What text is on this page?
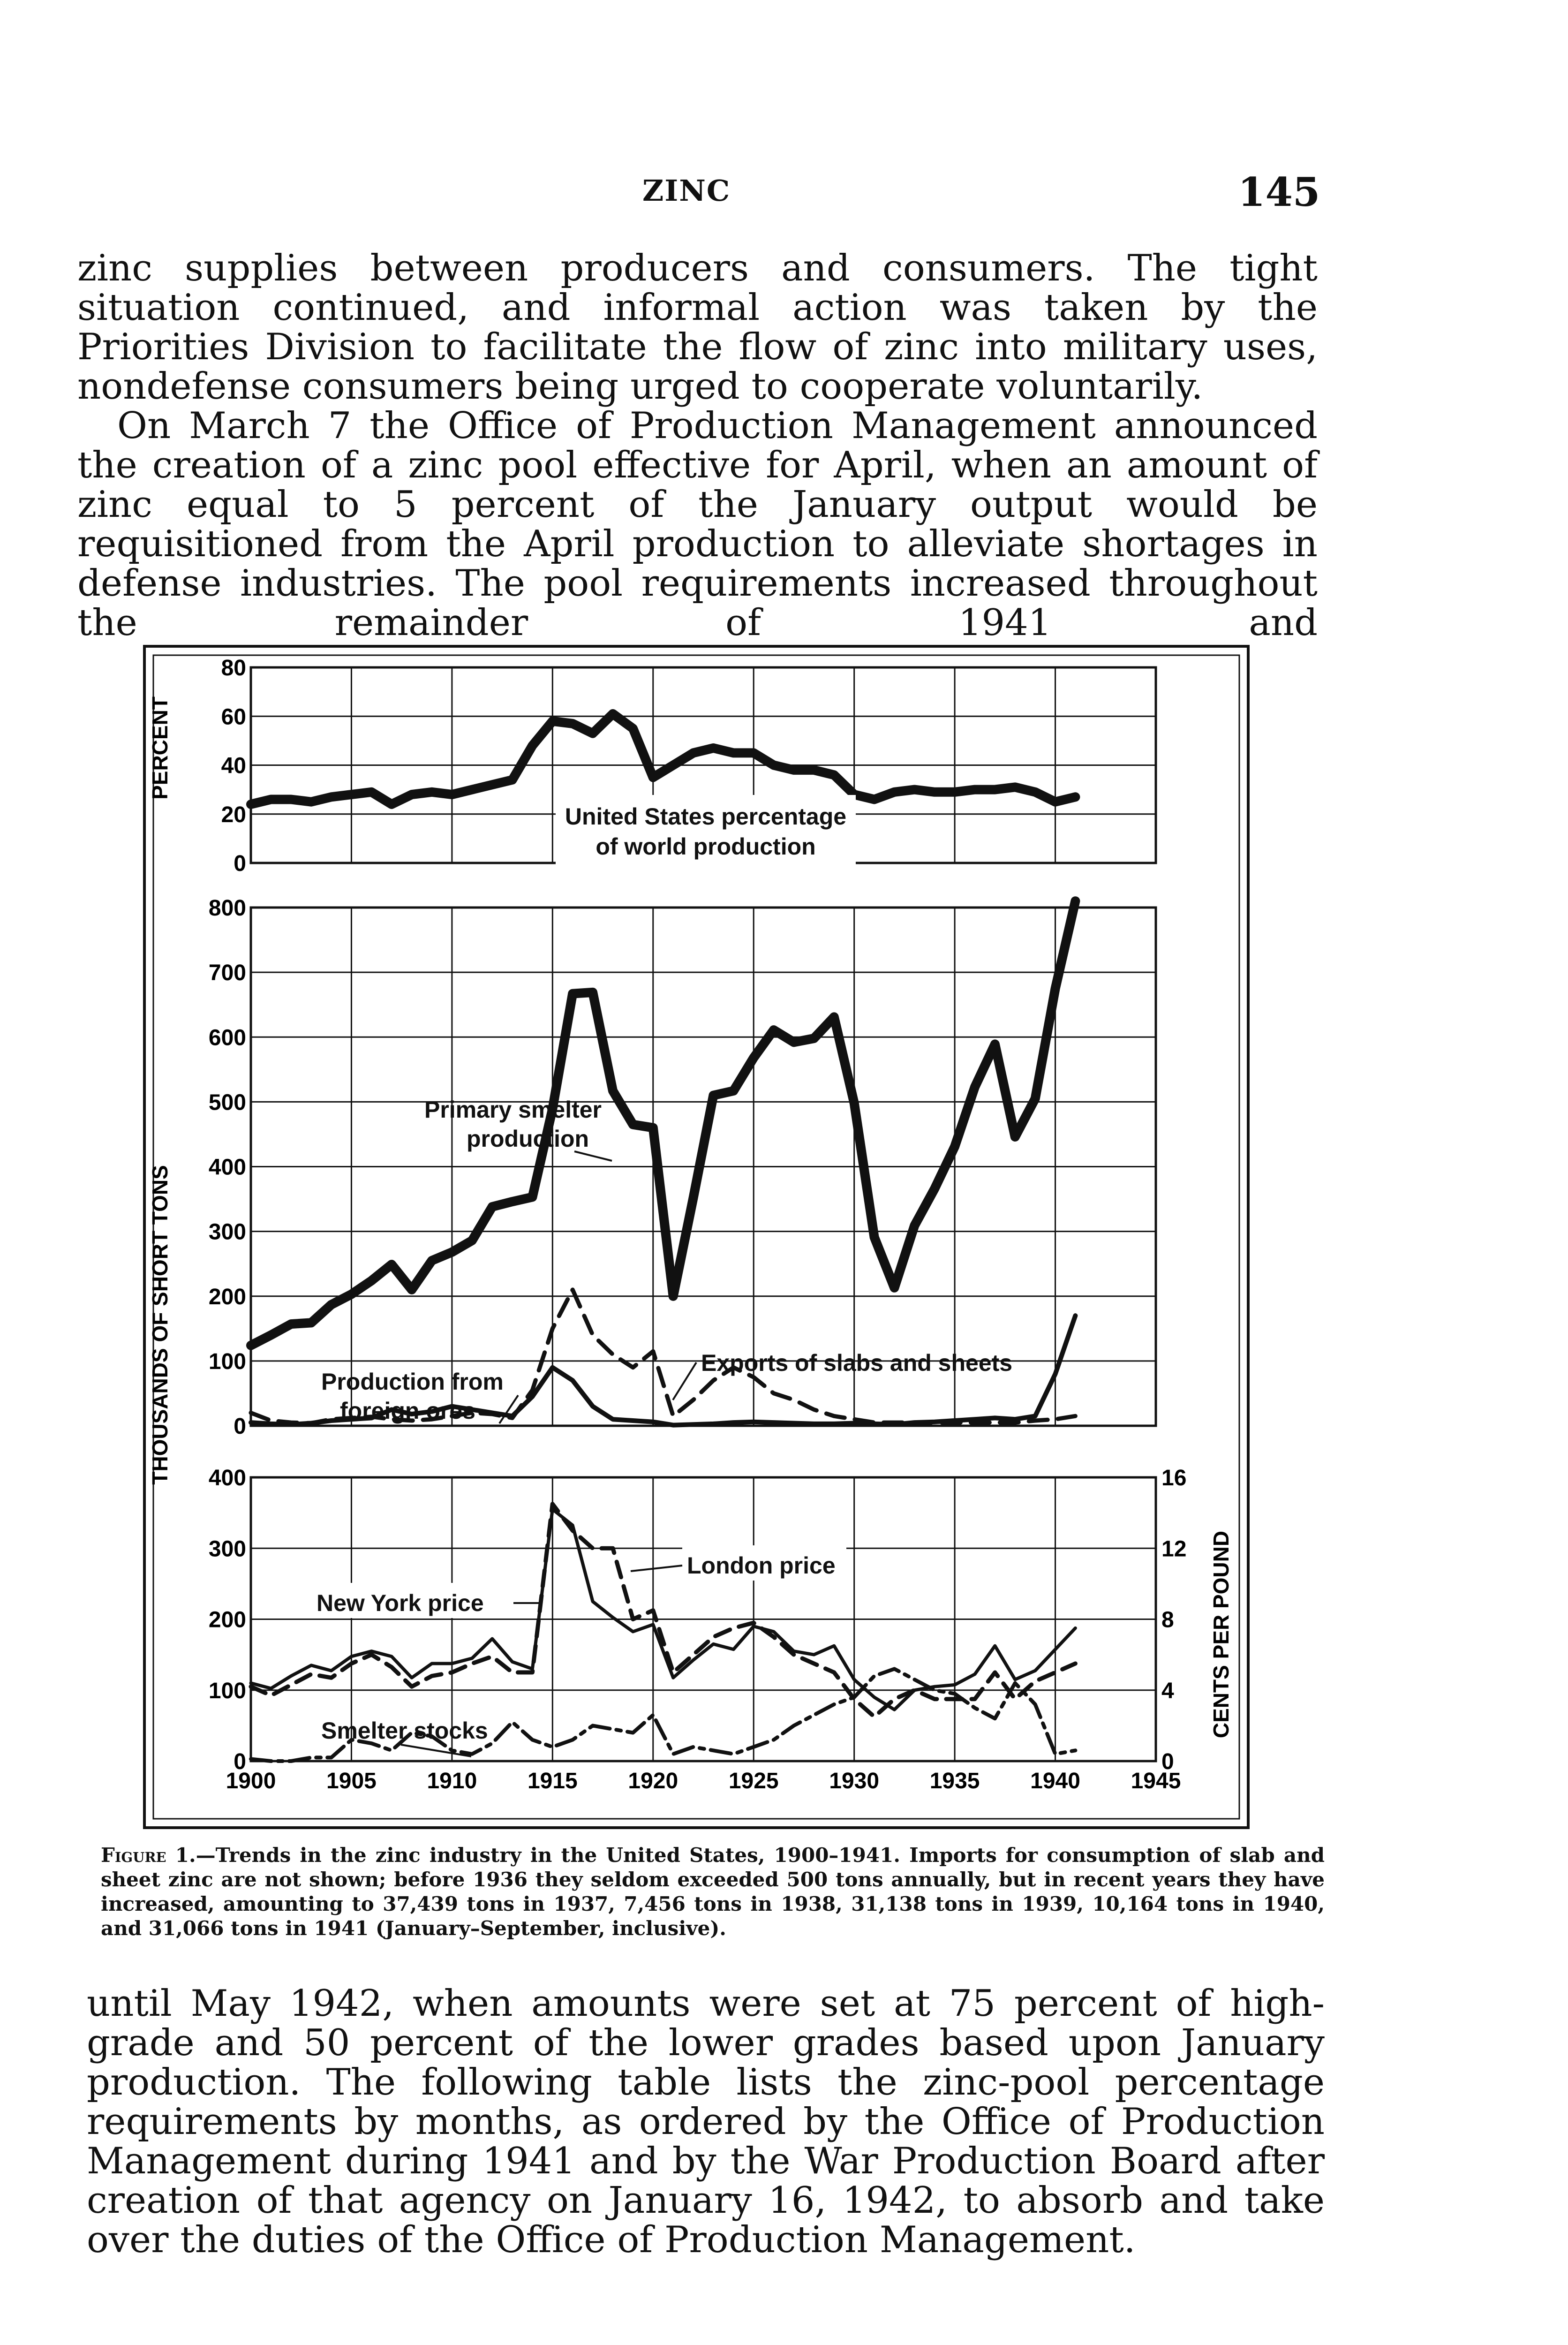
ZINC	145

zinc supplies between producers and consumers. The tight situation continued, and informal action was taken by the Priorities Division to facilitate the flow of zinc into military uses, nondefense consumers being urged to cooperate voluntarily.

On March 7 the Office of Production Management announced the creation of a zinc pool effective for April, when an amount of zinc equal to 5 percent of the January output would be requisitioned from the April production to alleviate shortages in defense industries. The pool requirements increased throughout the remainder of 1941 and

0
20
40
60
80
0
100
200
300
400
500
600
700
800
0
100
200
300
400
0
4
8
12
16
1900 1905 1910 1915 1920 1925 1930 1935 1940 1945
PERCENT
THOUSANDS OF SHORT TONS
CENTS PER POUND
United States percentage
of world production
Primary smelter
production
Production from
foreign ores
Exports of slabs and sheets
London price
New York price
Smelter stocks

Figure 1.—Trends in the zinc industry in the United States, 1900–1941. Imports for consumption of slab and sheet zinc are not shown; before 1936 they seldom exceeded 500 tons annually, but in recent years they have increased, amounting to 37,439 tons in 1937, 7,456 tons in 1938, 31,138 tons in 1939, 10,164 tons in 1940, and 31,066 tons in 1941 (January–September, inclusive).

until May 1942, when amounts were set at 75 percent of high-grade and 50 percent of the lower grades based upon January production. The following table lists the zinc-pool percentage requirements by months, as ordered by the Office of Production Management during 1941 and by the War Production Board after creation of that agency on January 16, 1942, to absorb and take over the duties of the Office of Production Management.
